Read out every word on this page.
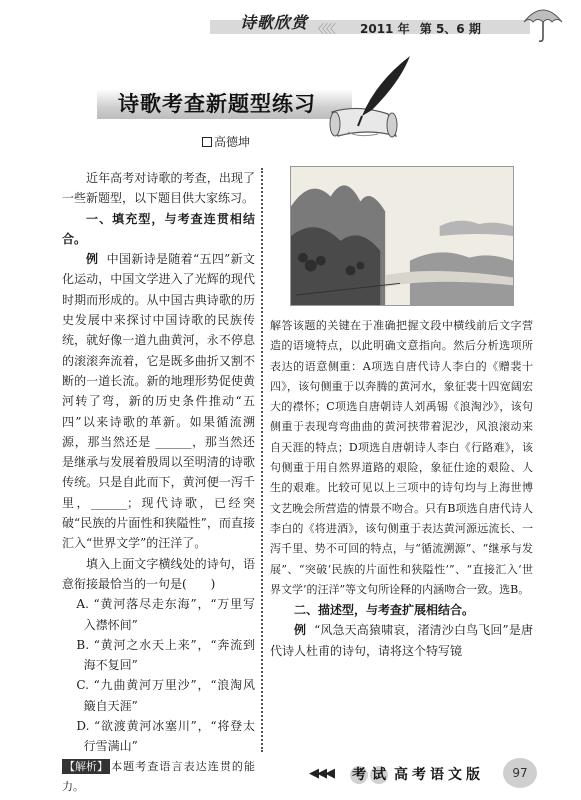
诗歌欣赏 〈〈〈〈 2011 年 第 5、6 期
诗歌考查新题型练习
高德坤

近年高考对诗歌的考查，出现了一些新题型，以下题目供大家练习。

一、填充型，与考查连贯相结合。

例 中国新诗是随着“五四”新文化运动，中国文学进入了光辉的现代时期而形成的。从中国古典诗歌的历史发展中来探讨中国诗歌的民族传统，就好像一道九曲黄河，永不停息的滚滚奔流着，它是既多曲折又割不断的一道长流。新的地理形势促使黄河转了弯，新的历史条件推动“五四”以来诗歌的革新。如果循流溯源，那当然还是 ______，那当然还是继承与发展着殷周以至明清的诗歌传统。只是自此而下，黄河便一泻千里，______；现代诗歌，已经突破“民族的片面性和狭隘性”，而直接汇入“世界文学”的汪洋了。

填入上面文字横线处的诗句，语意衔接最恰当的一句是(　　)

A. “黄河落尽走东海”，“万里写入襟怀间”

B. “黄河之水天上来”，“奔流到海不复回”

C. “九曲黄河万里沙”，“浪淘风簸自天涯”

D. “欲渡黄河冰塞川”，“将登太行雪满山”

【解析】 本题考查语言表达连贯的能力。

解答该题的关键在于准确把握文段中横线前后文字营造的语境特点，以此明确文意指向。然后分析选项所表达的语意侧重：A项选自唐代诗人李白的《赠裴十四》，该句侧重于以奔腾的黄河水，象征裴十四宽阔宏大的襟怀；C项选自唐朝诗人刘禹锡《浪淘沙》，该句侧重于表现弯弯曲曲的黄河挟带着泥沙，风浪滚动来自天涯的特点；D项选自唐朝诗人李白《行路难》，该句侧重于用自然界道路的艰险，象征仕途的艰险、人生的艰难。比较可见以上三项中的诗句均与上海世博文艺晚会所营造的情景不吻合。只有B项选自唐代诗人李白的《将进酒》，该句侧重于表达黄河源远流长、一泻千里、势不可回的特点，与“循流溯源”、“继承与发展”、“突破‘民族的片面性和狭隘性’”、“直接汇入‘世界文学’的汪洋”等文句所诠释的内涵吻合一致。选B。

二、描述型，与考查扩展相结合。

例 “风急天高猿啸哀，渚清沙白鸟飞回”是唐代诗人杜甫的诗句，请将这个特写镜

◀◀◀ 考 试 高考语文版	97
